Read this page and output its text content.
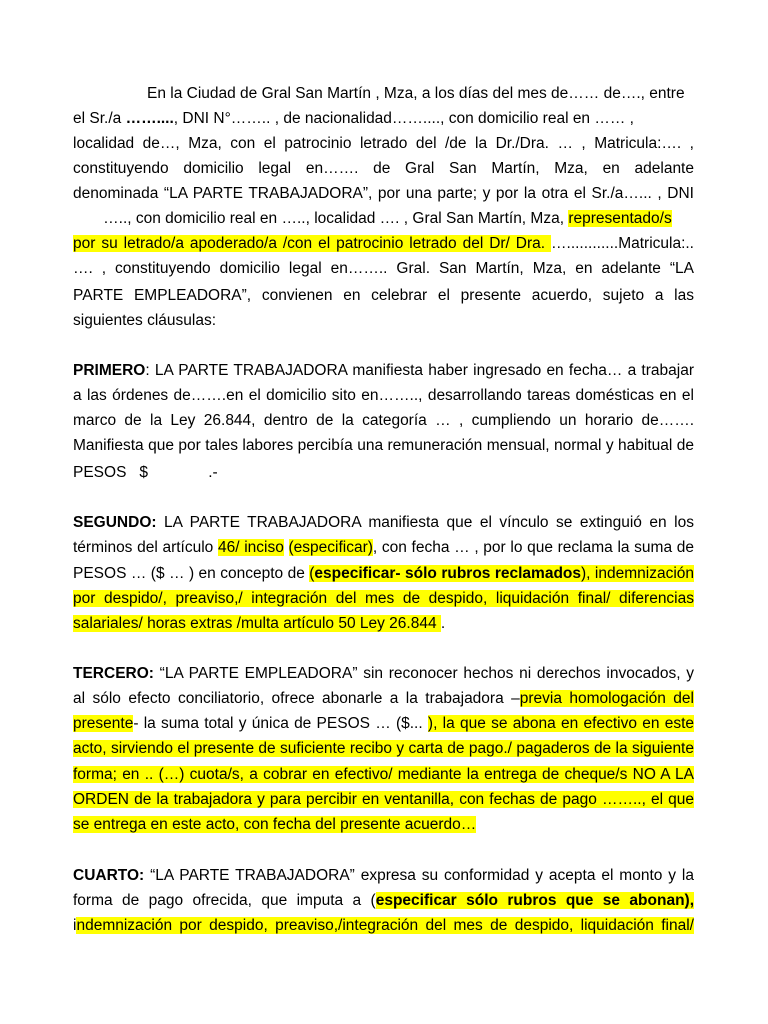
En la Ciudad de Gral San Martín , Mza, a los días del mes de…… de…., entre

el Sr./a ……...., DNI N°…….. , de nacionalidad……...., con domicilio real en …… ,

localidad de…, Mza, con el patrocinio letrado del /de la Dr./Dra. … , Matricula:…. ,

constituyendo domicilio legal en……. de Gral San Martín, Mza, en adelante

denominada “LA PARTE TRABAJADORA”, por una parte; y por la otra el Sr./a…... , DNI

….., con domicilio real en ….., localidad …. , Gral San Martín, Mza, representado/s

por su letrado/a apoderado/a /con el patrocinio letrado del Dr/ Dra. …............Matricula:..

…. , constituyendo domicilio legal en…….. Gral. San Martín, Mza, en adelante “LA

PARTE EMPLEADORA”, convienen en celebrar el presente acuerdo, sujeto a las

siguientes cláusulas:

PRIMERO: LA PARTE TRABAJADORA manifiesta haber ingresado en fecha… a trabajar

a las órdenes de…….en el domicilio sito en…….., desarrollando tareas domésticas en el

marco de la Ley 26.844, dentro de la categoría … , cumpliendo un horario de…….

Manifiesta que por tales labores percibía una remuneración mensual, normal y habitual de

PESOS   $              .-

SEGUNDO: LA PARTE TRABAJADORA manifiesta que el vínculo se extinguió en los

términos del artículo 46/ inciso (especificar), con fecha … , por lo que reclama la suma de

PESOS … ($ … ) en concepto de (especificar- sólo rubros reclamados), indemnización

por despido/, preaviso,/ integración del mes de despido, liquidación final/ diferencias

salariales/ horas extras /multa artículo 50 Ley 26.844 .

TERCERO: “LA PARTE EMPLEADORA” sin reconocer hechos ni derechos invocados, y

al sólo efecto conciliatorio, ofrece abonarle a la trabajadora –previa homologación del

presente- la suma total y única de PESOS … ($... ), la que se abona en efectivo en este

acto, sirviendo el presente de suficiente recibo y carta de pago./ pagaderos de la siguiente

forma; en .. (…) cuota/s, a cobrar en efectivo/ mediante la entrega de cheque/s NO A LA

ORDEN de la trabajadora y para percibir en ventanilla, con fechas de pago …….., el que

se entrega en este acto, con fecha del presente acuerdo…

CUARTO: “LA PARTE TRABAJADORA” expresa su conformidad y acepta el monto y la

forma de pago ofrecida, que imputa a (especificar sólo rubros que se abonan),

indemnización por despido, preaviso,/integración del mes de despido, liquidación final/
